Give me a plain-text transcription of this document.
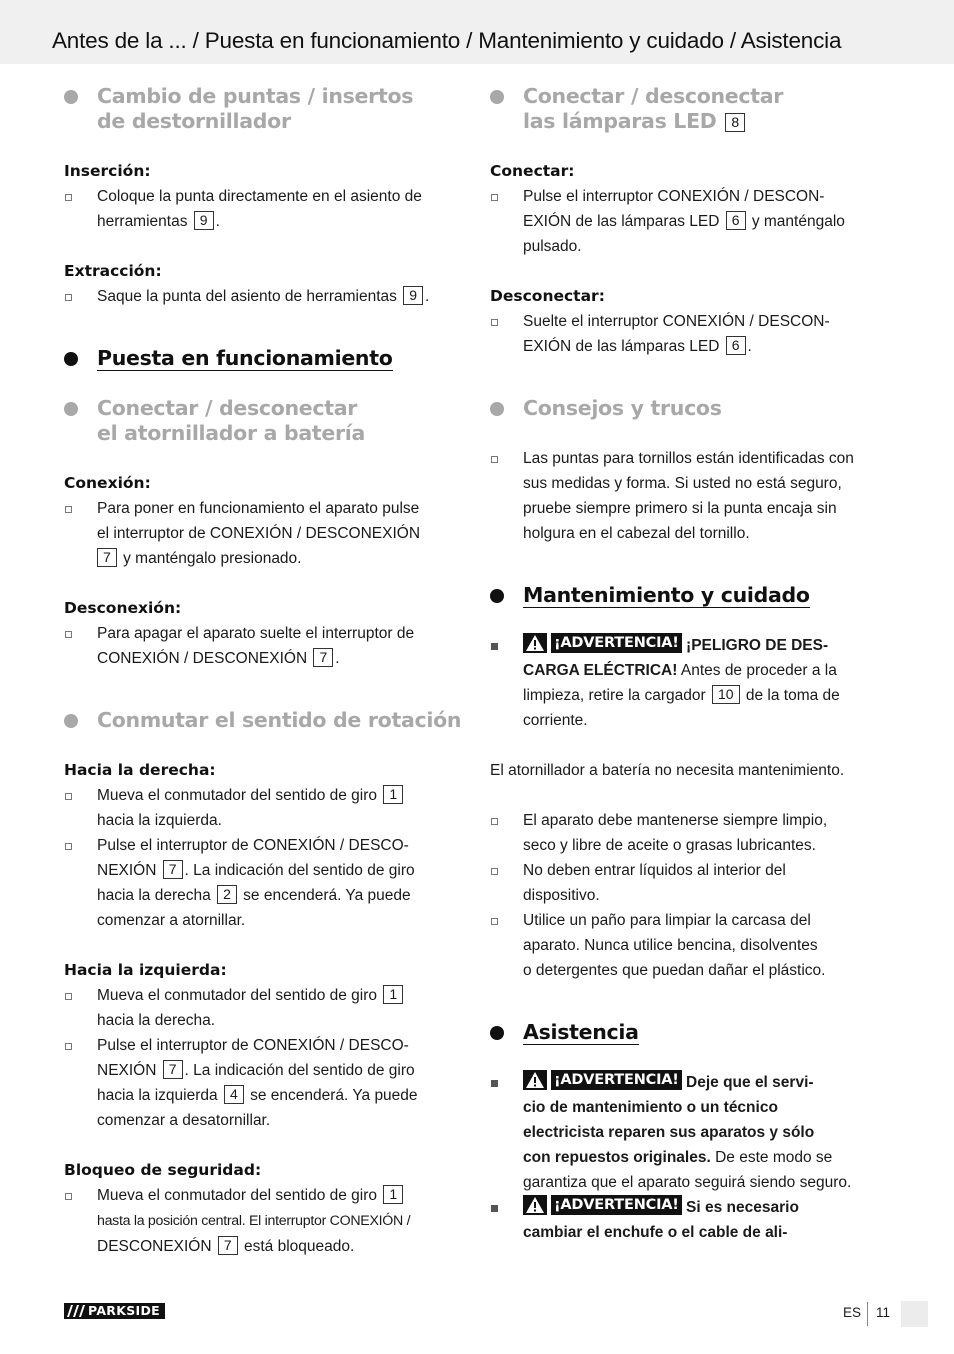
Antes de la ... / Puesta en funcionamiento / Mantenimiento y cuidado / Asistencia
Cambio de puntas / insertos
de destornillador
Inserción:
Coloque la punta directamente en el asiento de
herramientas 9 .
Extracción:
Saque la punta del asiento de herramientas 9 .
Puesta en funcionamiento
Conectar / desconectar
el atornillador a batería
Conexión:
Para poner en funcionamiento el aparato pulse
el interruptor de CONEXIÓN / DESCONEXIÓN
7 y manténgalo presionado.
Desconexión:
Para apagar el aparato suelte el interruptor de
CONEXIÓN / DESCONEXIÓN 7 .
Conmutar el sentido de rotación
Hacia la derecha:
Mueva el conmutador del sentido de giro 1
hacia la izquierda.
Pulse el interruptor de CONEXIÓN / DESCO-
NEXIÓN 7 . La indicación del sentido de giro
hacia la derecha 2 se encenderá. Ya puede
comenzar a atornillar.
Hacia la izquierda:
Mueva el conmutador del sentido de giro 1
hacia la derecha.
Pulse el interruptor de CONEXIÓN / DESCO-
NEXIÓN 7 . La indicación del sentido de giro
hacia la izquierda 4 se encenderá. Ya puede
comenzar a desatornillar.
Bloqueo de seguridad:
Mueva el conmutador del sentido de giro 1
hasta la posición central. El interruptor CONEXIÓN /
DESCONEXIÓN 7 está bloqueado.
Conectar / desconectar
las lámparas LED 8
Conectar:
Pulse el interruptor CONEXIÓN / DESCON-
EXIÓN de las lámparas LED 6 y manténgalo
pulsado.
Desconectar:
Suelte el interruptor CONEXIÓN / DESCON-
EXIÓN de las lámparas LED 6 .
Consejos y trucos
Las puntas para tornillos están identificadas con
sus medidas y forma. Si usted no está seguro,
pruebe siempre primero si la punta encaja sin
holgura en el cabezal del tornillo.
Mantenimiento y cuidado
¡ADVERTENCIA! ¡PELIGRO DE DES-
CARGA ELÉCTRICA! Antes de proceder a la
limpieza, retire la cargador 10 de la toma de
corriente.
El atornillador a batería no necesita mantenimiento.
El aparato debe mantenerse siempre limpio,
seco y libre de aceite o grasas lubricantes.
No deben entrar líquidos al interior del
dispositivo.
Utilice un paño para limpiar la carcasa del
aparato. Nunca utilice bencina, disolventes
o detergentes que puedan dañar el plástico.
Asistencia
¡ADVERTENCIA! Deje que el servi-
cio de mantenimiento o un técnico
electricista reparen sus aparatos y sólo
con repuestos originales. De este modo se
garantiza que el aparato seguirá siendo seguro.
¡ADVERTENCIA! Si es necesario
cambiar el enchufe o el cable de ali-
PARKSIDE	ES 11
